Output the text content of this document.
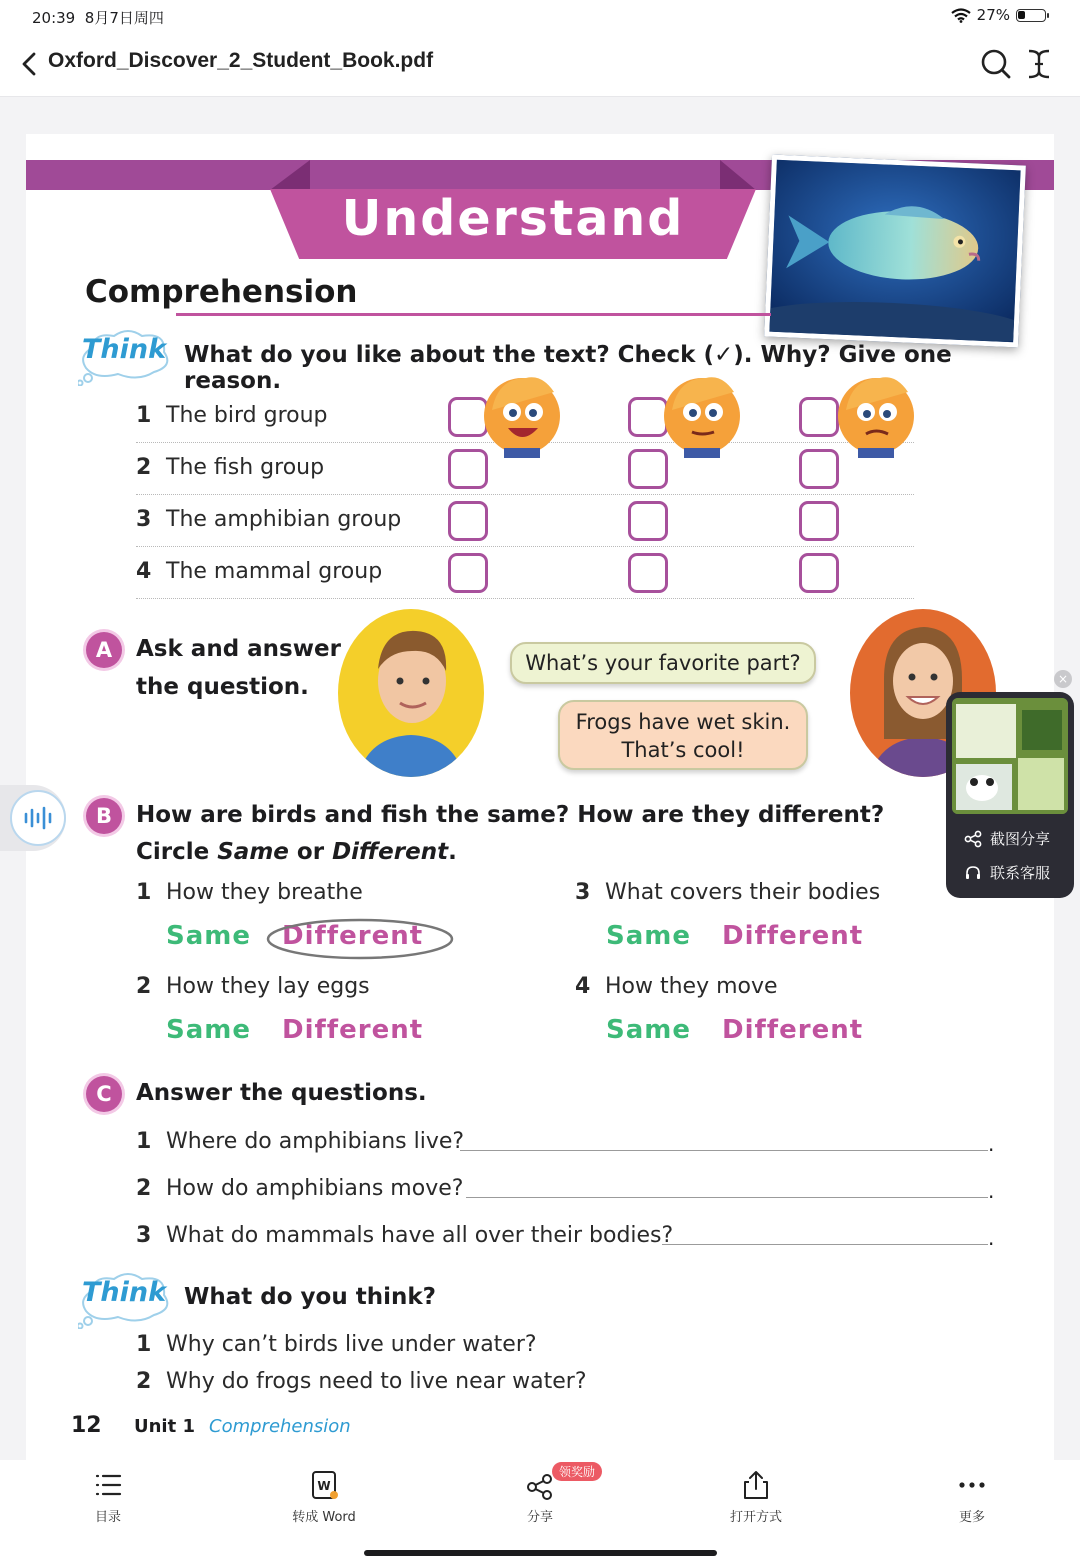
20:39 8月7日周四	27%
Oxford_Discover_2_Student_Book.pdf
Understand
Comprehension
Think What do you like about the text? Check (✓). Why? Give one reason.
1 The bird group
2 The fish group
3 The amphibian group
4 The mammal group
A	Ask and answer
the question.
What’s your favorite part?
Frogs have wet skin.
That’s cool!
B	How are birds and fish the same? How are they different?
Circle Same or Different.
1 How they breathe
2 How they lay eggs
3 What covers their bodies
4 How they move
Same Different	Same Different
Same Different	Same Different
C	Answer the questions.
1 Where do amphibians live?	.
2 How do amphibians move?	.
3 What do mammals have all over their bodies?	.
Think What do you think?
1 Why can’t birds live under water?
2 Why do frogs need to live near water?
12 Unit 1 Comprehension
×
截图分享
联系客服
目录
W
转成 Word	分享	打开方式	更多
领奖励
